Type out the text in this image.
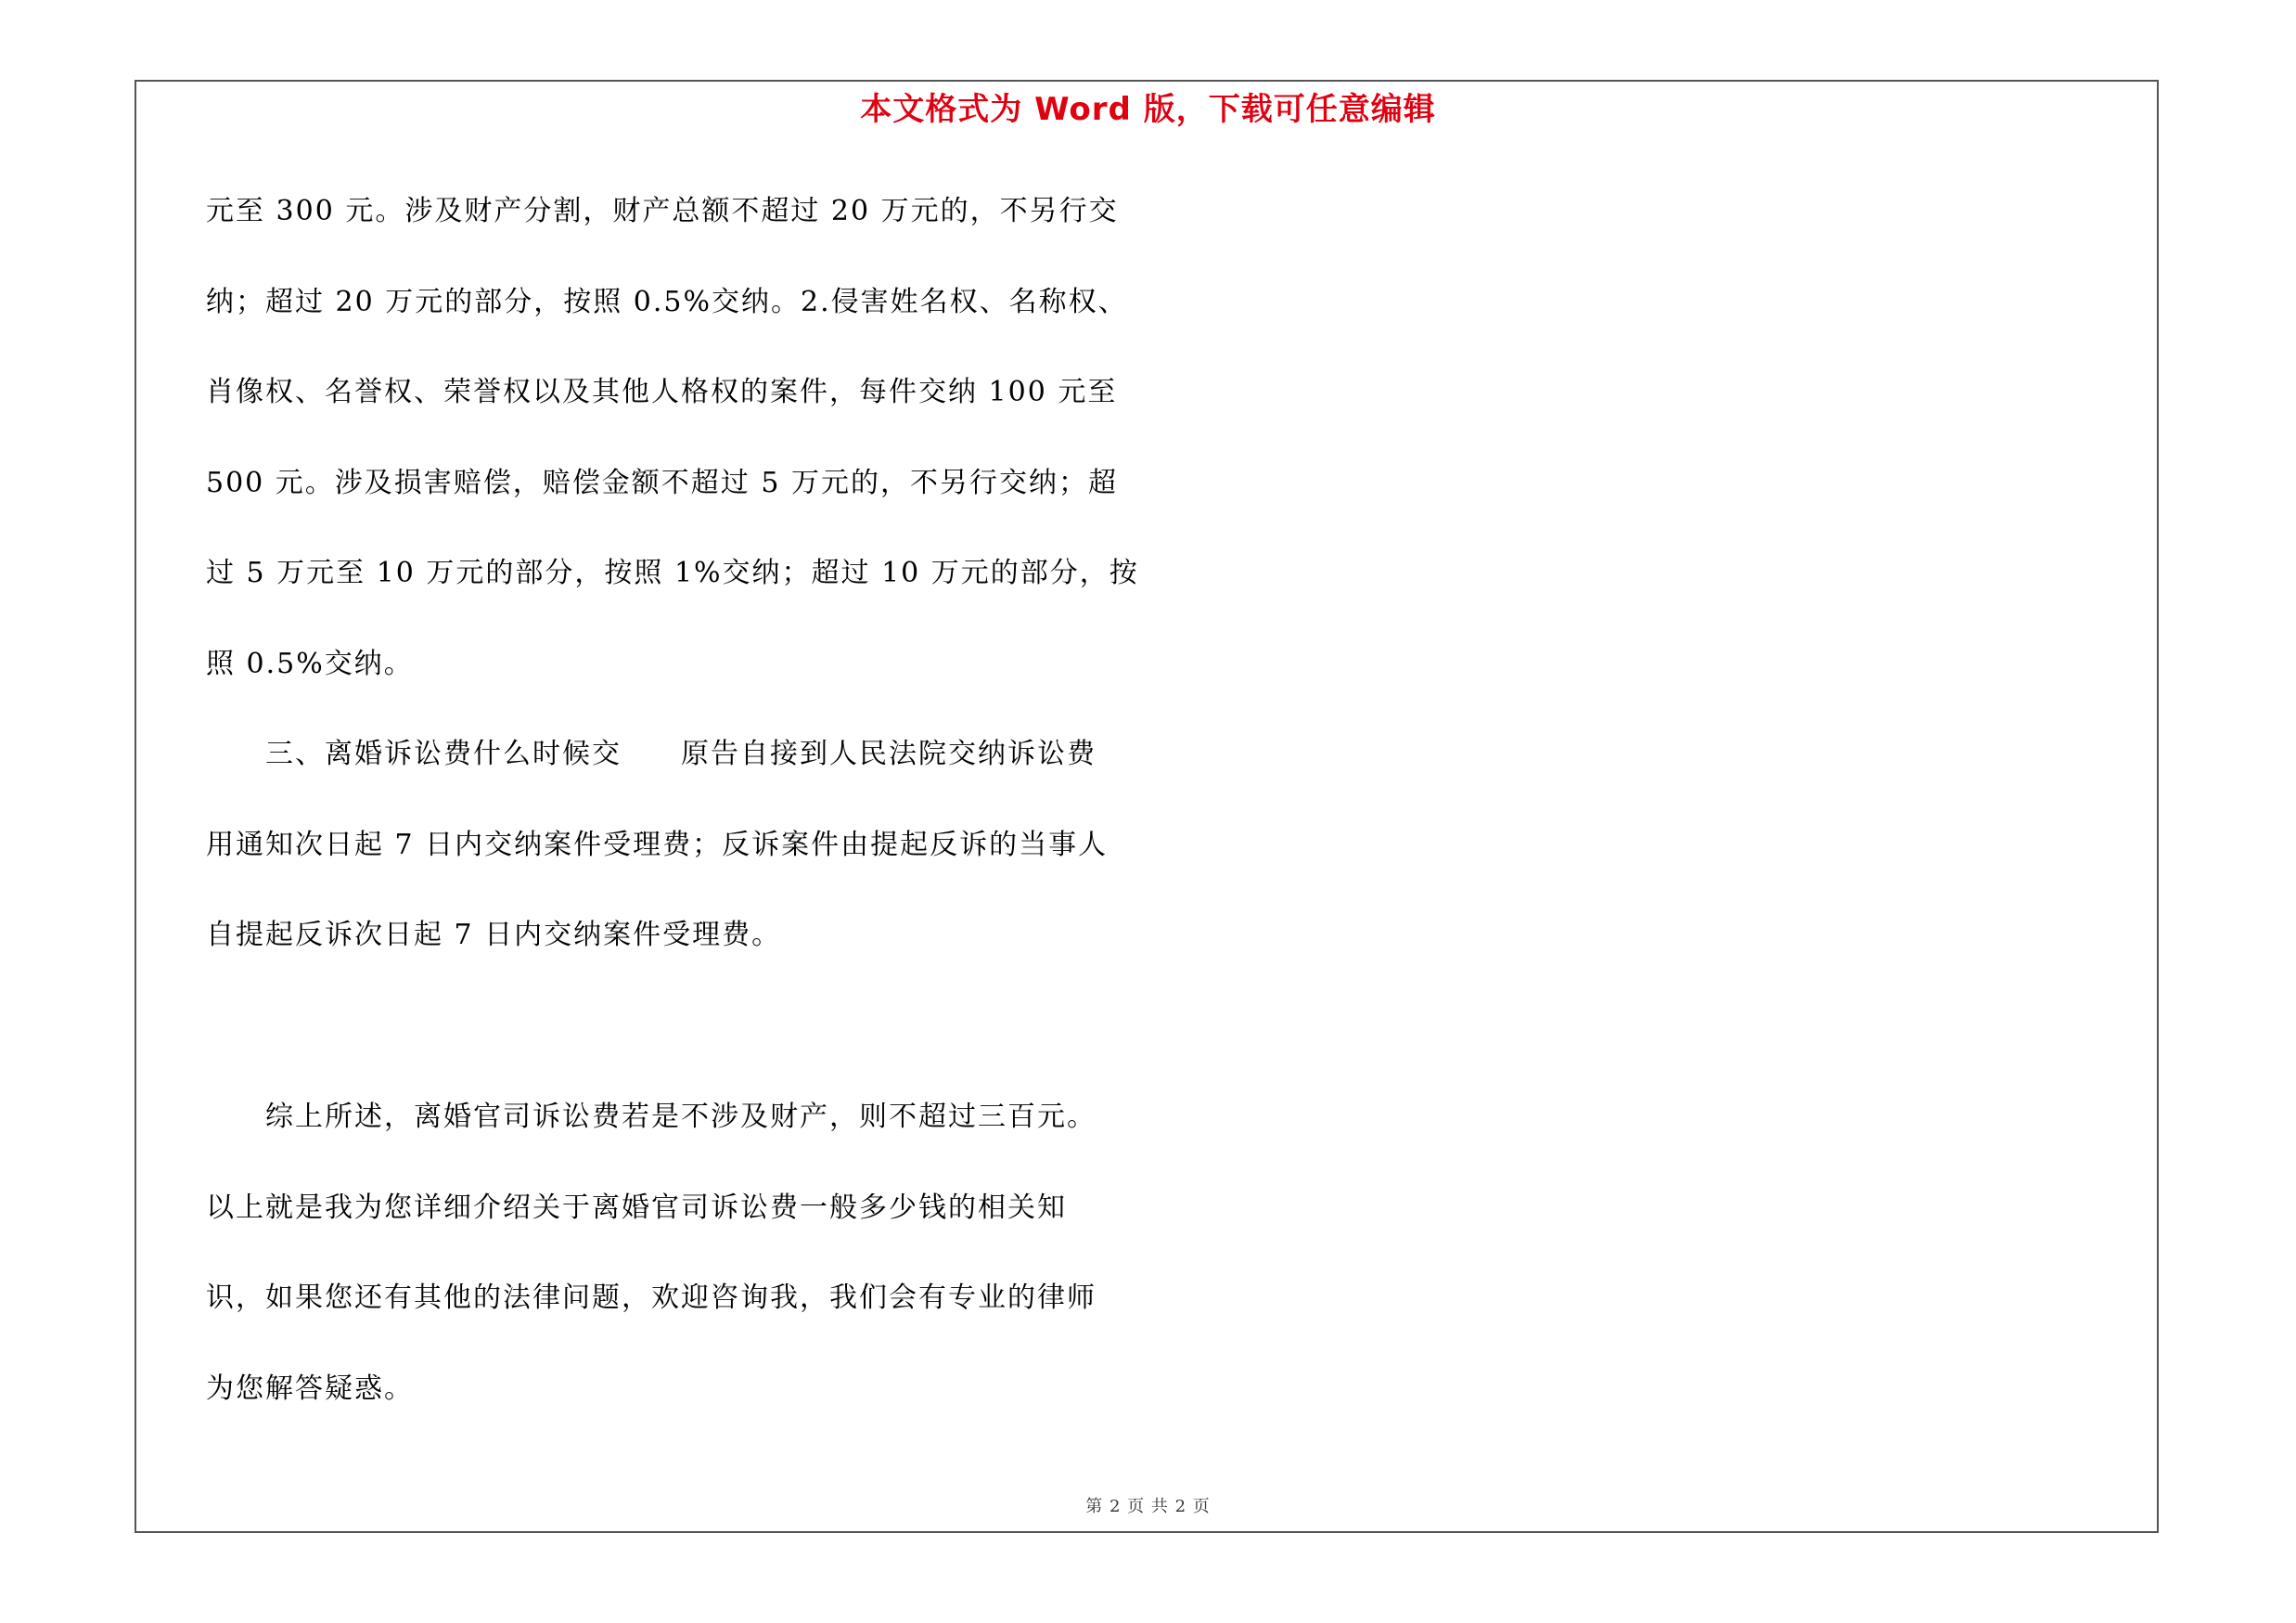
本文格式为 Word 版，下载可任意编辑
元至 300 元。涉及财产分割，财产总额不超过 20 万元的，不另行交
纳；超过 20 万元的部分，按照 0.5%交纳。2.侵害姓名权、名称权、
肖像权、名誉权、荣誉权以及其他人格权的案件，每件交纳 100 元至
500 元。涉及损害赔偿，赔偿金额不超过 5 万元的，不另行交纳；超
过 5 万元至 10 万元的部分，按照 1%交纳；超过 10 万元的部分，按
照 0.5%交纳。
　　三、离婚诉讼费什么时候交　　原告自接到人民法院交纳诉讼费
用通知次日起 7 日内交纳案件受理费；反诉案件由提起反诉的当事人
自提起反诉次日起 7 日内交纳案件受理费。
　　综上所述，离婚官司诉讼费若是不涉及财产，则不超过三百元。
以上就是我为您详细介绍关于离婚官司诉讼费一般多少钱的相关知
识，如果您还有其他的法律问题，欢迎咨询我，我们会有专业的律师
为您解答疑惑。
第 2 页 共 2 页
